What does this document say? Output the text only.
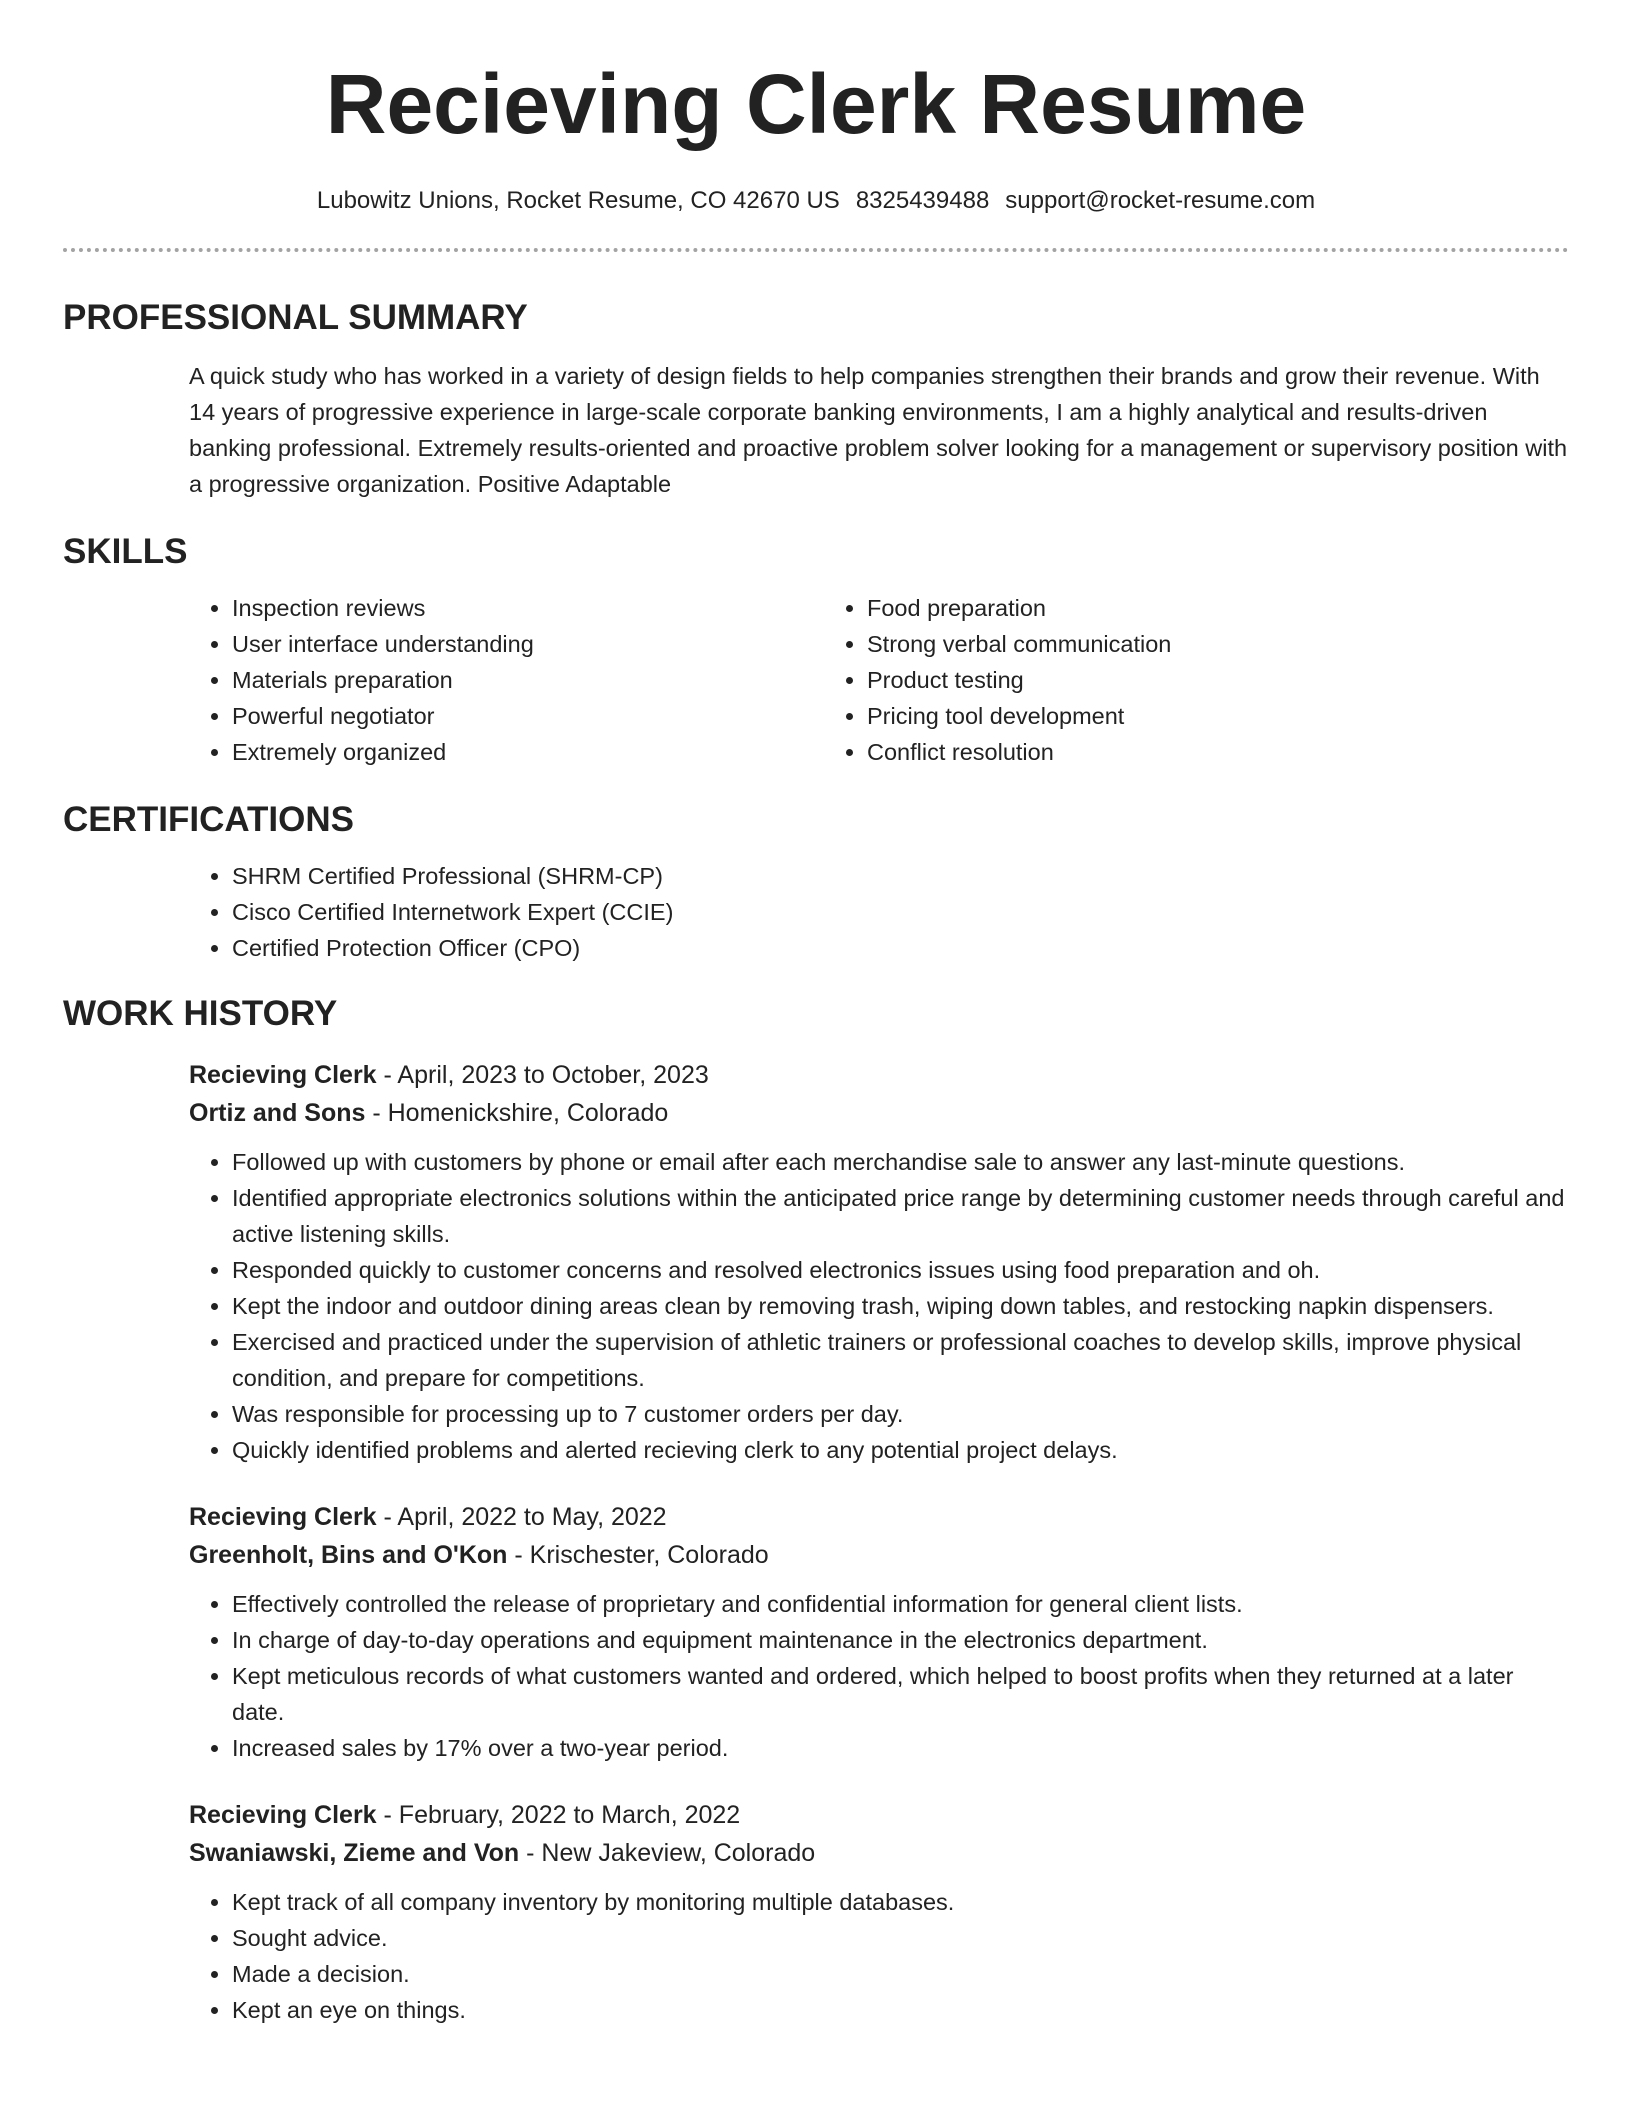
Recieving Clerk Resume
Lubowitz Unions, Rocket Resume, CO 42670 US 8325439488 support@rocket-resume.com
PROFESSIONAL SUMMARY

A quick study who has worked in a variety of design fields to help companies strengthen their brands and grow their revenue. With 14 years of progressive experience in large-scale corporate banking environments, I am a highly analytical and results-driven banking professional. Extremely results-oriented and proactive problem solver looking for a management or supervisory position with a progressive organization. Positive Adaptable

SKILLS
• Inspection reviews
• User interface understanding
• Materials preparation
• Powerful negotiator
• Extremely organized
• Food preparation
• Strong verbal communication
• Product testing
• Pricing tool development
• Conflict resolution
CERTIFICATIONS
• SHRM Certified Professional (SHRM-CP)
• Cisco Certified Internetwork Expert (CCIE)
• Certified Protection Officer (CPO)
WORK HISTORY
Recieving Clerk - April, 2023 to October, 2023
Ortiz and Sons - Homenickshire, Colorado
• Followed up with customers by phone or email after each merchandise sale to answer any last-minute questions.
• Identified appropriate electronics solutions within the anticipated price range by determining customer needs through careful and active listening skills.
• Responded quickly to customer concerns and resolved electronics issues using food preparation and oh.
• Kept the indoor and outdoor dining areas clean by removing trash, wiping down tables, and restocking napkin dispensers.
• Exercised and practiced under the supervision of athletic trainers or professional coaches to develop skills, improve physical condition, and prepare for competitions.
• Was responsible for processing up to 7 customer orders per day.
• Quickly identified problems and alerted recieving clerk to any potential project delays.
Recieving Clerk - April, 2022 to May, 2022
Greenholt, Bins and O'Kon - Krischester, Colorado
• Effectively controlled the release of proprietary and confidential information for general client lists.
• In charge of day-to-day operations and equipment maintenance in the electronics department.
• Kept meticulous records of what customers wanted and ordered, which helped to boost profits when they returned at a later date.
• Increased sales by 17% over a two-year period.
Recieving Clerk - February, 2022 to March, 2022
Swaniawski, Zieme and Von - New Jakeview, Colorado
• Kept track of all company inventory by monitoring multiple databases.
• Sought advice.
• Made a decision.
• Kept an eye on things.
